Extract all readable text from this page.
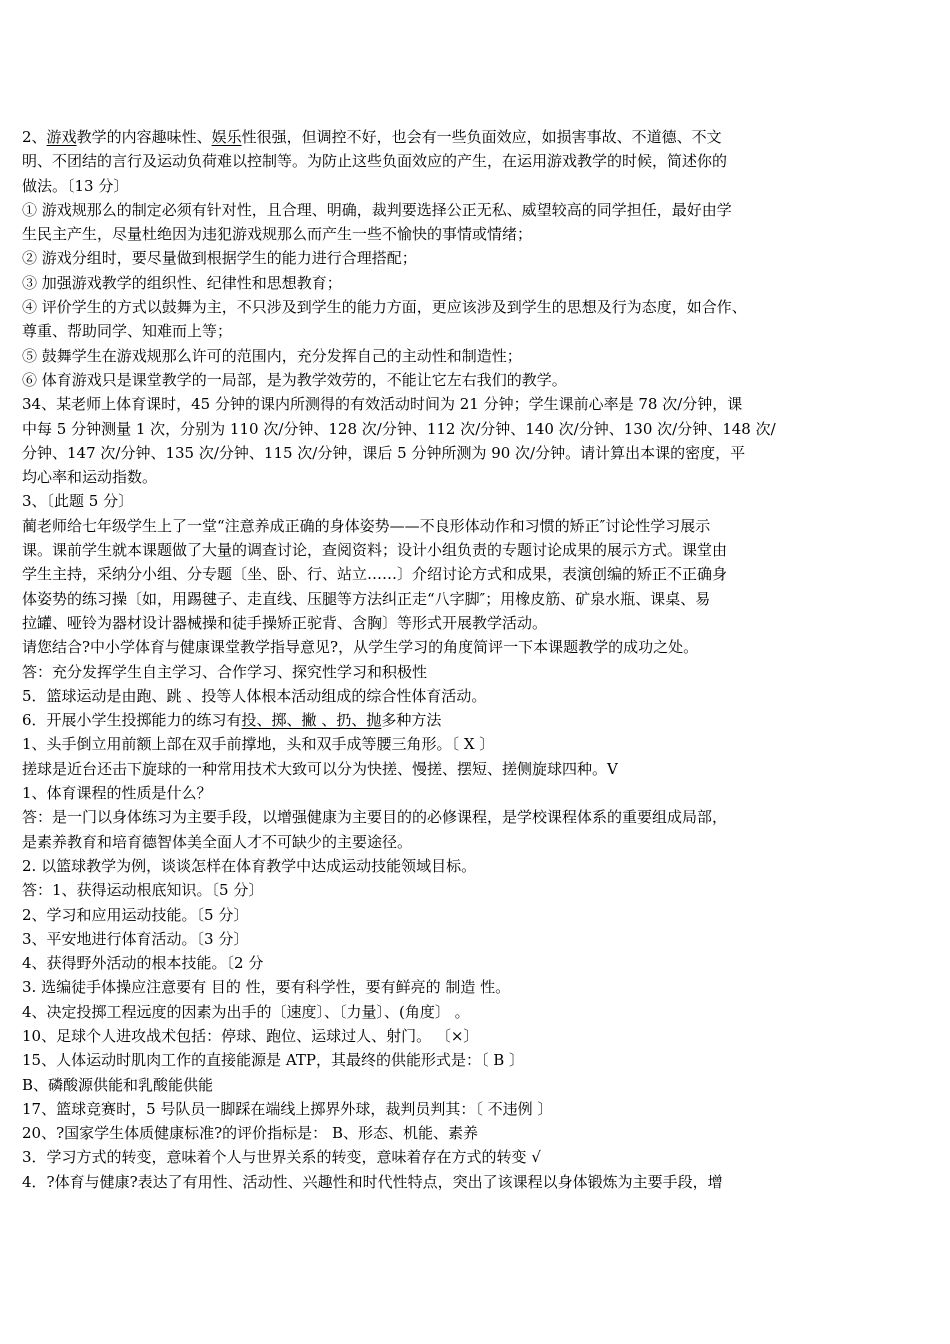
2、游戏教学的内容趣味性、娱乐性很强，但调控不好，也会有一些负面效应，如损害事故、不道德、不文
明、不团结的言行及运动负荷难以控制等。为防止这些负面效应的产生，在运用游戏教学的时候，简述你的
做法。〔13 分〕
① 游戏规那么的制定必须有针对性，且合理、明确，裁判要选择公正无私、威望较高的同学担任，最好由学
生民主产生，尽量杜绝因为违犯游戏规那么而产生一些不愉快的事情或情绪；
② 游戏分组时，要尽量做到根据学生的能力进行合理搭配；
③ 加强游戏教学的组织性、纪律性和思想教育；
④ 评价学生的方式以鼓舞为主，不只涉及到学生的能力方面，更应该涉及到学生的思想及行为态度，如合作、
尊重、帮助同学、知难而上等；
⑤ 鼓舞学生在游戏规那么许可的范围内，充分发挥自己的主动性和制造性；
⑥ 体育游戏只是课堂教学的一局部，是为教学效劳的，不能让它左右我们的教学。
34、某老师上体育课时，45 分钟的课内所测得的有效活动时间为 21 分钟；学生课前心率是 78 次/分钟，课
中每 5 分钟测量 1 次，分别为 110 次/分钟、128 次/分钟、112 次/分钟、140 次/分钟、130 次/分钟、148 次/
分钟、147 次/分钟、135 次/分钟、115 次/分钟，课后 5 分钟所测为 90 次/分钟。请计算出本课的密度，平
均心率和运动指数。
3、〔此题 5 分〕
蔺老师给七年级学生上了一堂“注意养成正确的身体姿势——不良形体动作和习惯的矫正″讨论性学习展示
课。课前学生就本课题做了大量的调查讨论，查阅资料；设计小组负责的专题讨论成果的展示方式。课堂由
学生主持，采纳分小组、分专题〔坐、卧、行、站立……〕介绍讨论方式和成果，表演创编的矫正不正确身
体姿势的练习操〔如，用踢毽子、走直线、压腿等方法纠正走“八字脚″；用橡皮筋、矿泉水瓶、课桌、易
拉罐、哑铃为器材设计器械操和徒手操矫正驼背、含胸〕等形式开展教学活动。
请您结合?中小学体育与健康课堂教学指导意见?，从学生学习的角度简评一下本课题教学的成功之处。
答：充分发挥学生自主学习、合作学习、探究性学习和积极性
5．篮球运动是由跑、跳 、投等人体根本活动组成的综合性体育活动。
6．开展小学生投掷能力的练习有投、掷、撇 、扔、抛多种方法
1、头手倒立用前额上部在双手前撑地，头和双手成等腰三角形。〔 X 〕
搓球是近台还击下旋球的一种常用技术大致可以分为快搓、慢搓、摆短、搓侧旋球四种。V
1、体育课程的性质是什么？
答：是一门以身体练习为主要手段，以增强健康为主要目的的必修课程，是学校课程体系的重要组成局部，
是素养教育和培育德智体美全面人才不可缺少的主要途径。
2. 以篮球教学为例，谈谈怎样在体育教学中达成运动技能领域目标。
答：1、获得运动根底知识。〔5 分〕
2、学习和应用运动技能。〔5 分〕
3、平安地进行体育活动。〔3 分〕
4、获得野外活动的根本技能。〔2 分
3. 选编徒手体操应注意要有 目的 性，要有科学性，要有鲜亮的 制造 性。
4、决定投掷工程远度的因素为出手的〔速度〕、〔力量〕、(角度〕 。
10、足球个人进攻战术包括：停球、跑位、运球过人、射门。 〔×〕
15、人体运动时肌肉工作的直接能源是 ATP，其最终的供能形式是：〔 B 〕
B、磷酸源供能和乳酸能供能
17、篮球竞赛时，5 号队员一脚踩在端线上掷界外球，裁判员判其：〔 不违例 〕
20、?国家学生体质健康标准?的评价指标是： B、形态、机能、素养
3．学习方式的转变，意味着个人与世界关系的转变，意味着存在方式的转变 √
4．?体育与健康?表达了有用性、活动性、兴趣性和时代性特点，突出了该课程以身体锻炼为主要手段，增
